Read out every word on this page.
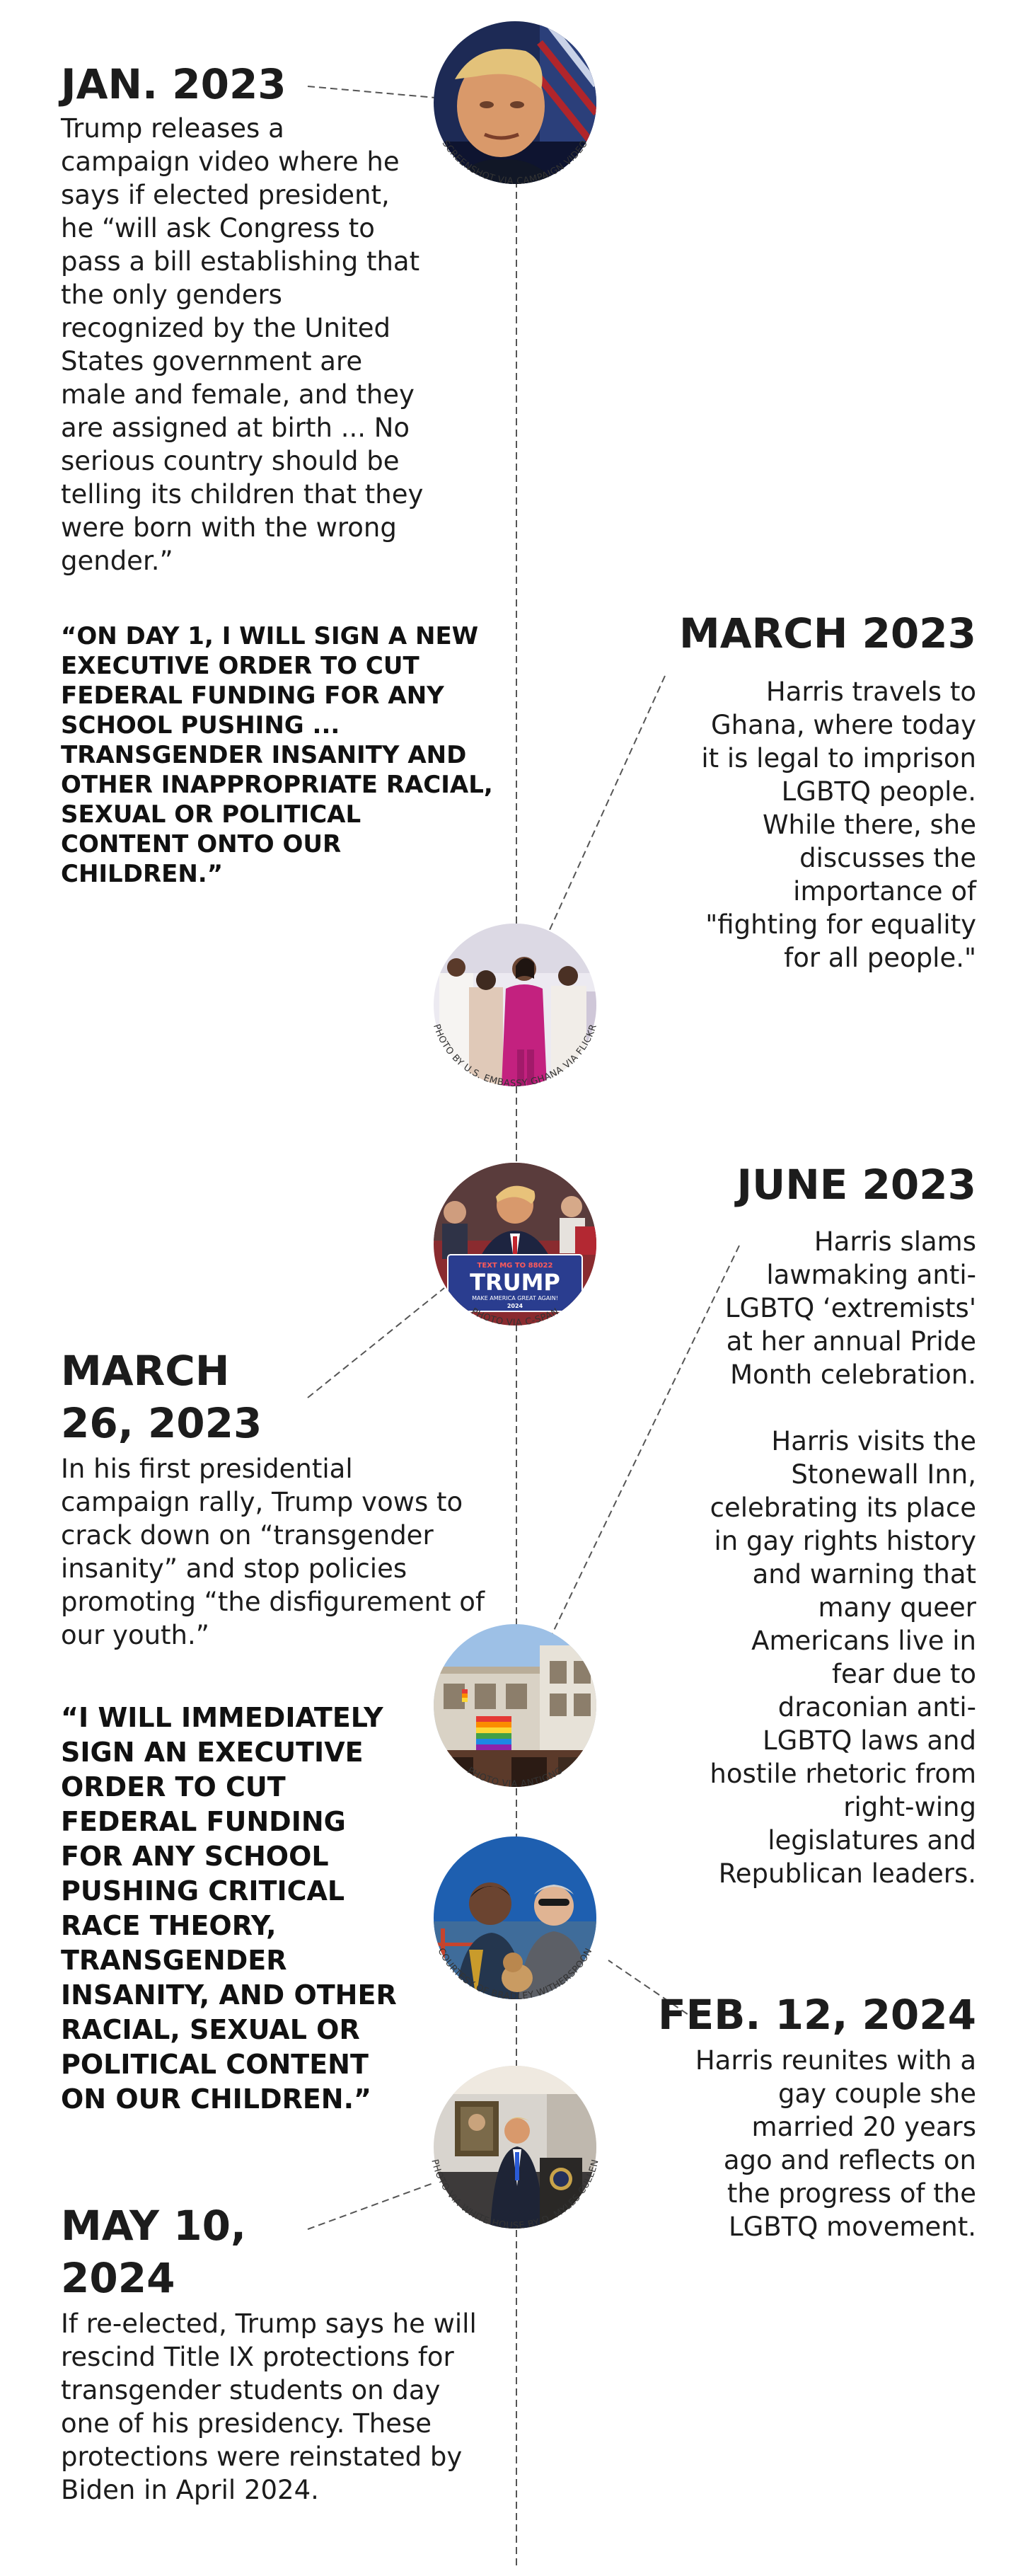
JAN. 2023

Trump releases a
campaign video where he
says if elected president,
he “will ask Congress to
pass a bill establishing that
the only genders
recognized by the United
States government are
male and female, and they
are assigned at birth ... No
serious country should be
telling its children that they
were born with the wrong
gender.”

“ON DAY 1, I WILL SIGN A NEW
EXECUTIVE ORDER TO CUT
FEDERAL FUNDING FOR ANY
SCHOOL PUSHING ...
TRANSGENDER INSANITY AND
OTHER INAPPROPRIATE RACIAL,
SEXUAL OR POLITICAL
CONTENT ONTO OUR
CHILDREN.”

MARCH 2023

Harris travels to
Ghana, where today
it is legal to imprison
LGBTQ people.
While there, she
discusses the
importance of
"fighting for equality
for all people."

JUNE 2023

Harris slams
lawmaking anti-
LGBTQ ‘extremists'
at her annual Pride
Month celebration.

Harris visits the
Stonewall Inn,
celebrating its place
in gay rights history
and warning that
many queer
Americans live in
fear due to
draconian anti-
LGBTQ laws and
hostile rhetoric from
right-wing
legislatures and
Republican leaders.

MARCH
26, 2023

In his first presidential
campaign rally, Trump vows to
crack down on “transgender
insanity” and stop policies
promoting “the disfigurement of
our youth.”

“I WILL IMMEDIATELY
SIGN AN EXECUTIVE
ORDER TO CUT
FEDERAL FUNDING
FOR ANY SCHOOL
PUSHING CRITICAL
RACE THEORY,
TRANSGENDER
INSANITY, AND OTHER
RACIAL, SEXUAL OR
POLITICAL CONTENT
ON OUR CHILDREN.”

FEB. 12, 2024

Harris reunites with a
gay couple she
married 20 years
ago and reflects on
the progress of the
LGBTQ movement.

MAY 10,
2024

If re-elected, Trump says he will
rescind Title IX protections for
transgender students on day
one of his presidency. These
protections were reinstated by
Biden in April 2024.

TEXT MG TO 88022
TRUMP
MAKE AMERICA GREAT AGAIN!
2024
SCREENSHOT VIA CAMPAIGN VIDEO
PHOTO BY U.S. EMBASSY GHANA VIA FLICKR
PHOTO VIA C-SPAN
PHOTO VIA ANTIGNG
COURTESY OF BRADLEY WITHERSPOON
PHOTO VIA WHITE HOUSE BY D. MYLES CULLEN
